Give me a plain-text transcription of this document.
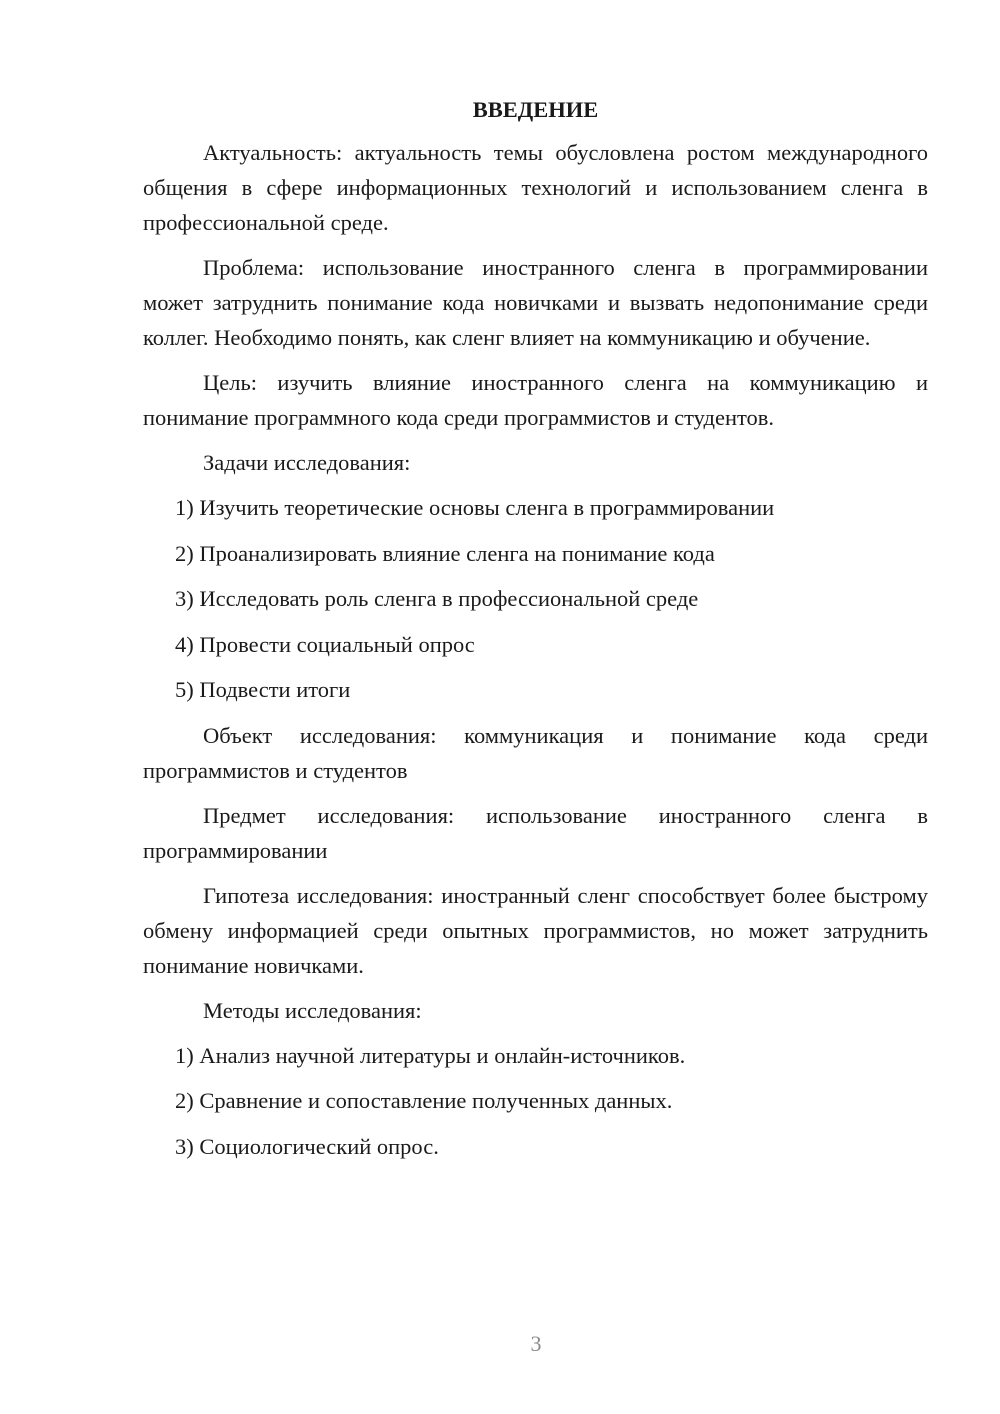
ВВЕДЕНИЕ

Актуальность: актуальность темы обусловлена ростом международного общения в сфере информационных технологий и использованием сленга в профессиональной среде.

Проблема: использование иностранного сленга в программировании может затруднить понимание кода новичками и вызвать недопонимание среди коллег. Необходимо понять, как сленг влияет на коммуникацию и обучение.

Цель: изучить влияние иностранного сленга на коммуникацию и понимание программного кода среди программистов и студентов.

Задачи исследования:

1) Изучить теоретические основы сленга в программировании
2) Проанализировать влияние сленга на понимание кода
3) Исследовать роль сленга в профессиональной среде
4) Провести социальный опрос
5) Подвести итоги

Объект исследования: коммуникация и понимание кода среди программистов и студентов

Предмет исследования: использование иностранного сленга в программировании

Гипотеза исследования: иностранный сленг способствует более быстрому обмену информацией среди опытных программистов, но может затруднить понимание новичками.

Методы исследования:

1) Анализ научной литературы и онлайн-источников.
2) Сравнение и сопоставление полученных данных.
3) Социологический опрос.
3
